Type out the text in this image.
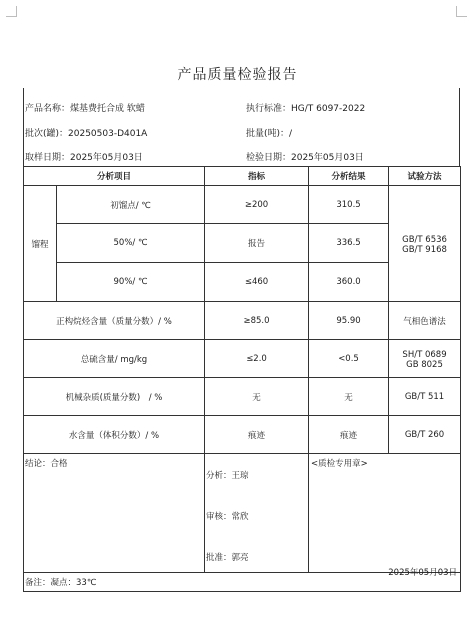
产品质量检验报告
产品名称：煤基费托合成 软蜡	执行标准：HG/T 6097-2022
批次(罐)：20250503-D401A	批量(吨)：/
取样日期：2025年05月03日	检验日期：2025年05月03日
分析项目		指标	分析结果	试验方法
馏程	初馏点/ ℃	≥200	310.5	GB/T 6536　GB/T 9168
	50%/ ℃	报告	336.5	
	90%/ ℃	≤460	360.0	
正构烷烃含量（质量分数）/ %		≥85.0	95.90	气相色谱法
总硫含量/ mg/kg		≤2.0	<0.5	SH/T 0689　GB 8025
机械杂质(质量分数)　/ %		无	无	GB/T 511
水含量（体积分数）/ %		痕迹	痕迹	GB/T 260

结论：合格		分析：王琼
审核：常欣
批准：郭亮	<质检专用章>
2025年05月03日	

备注：凝点：33℃				
